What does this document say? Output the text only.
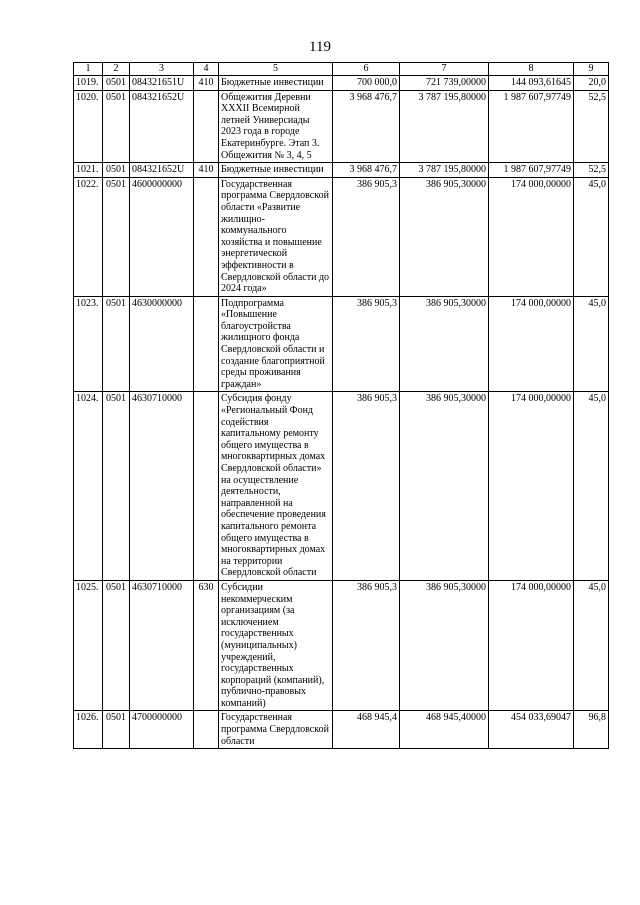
119
1	2	3	4	5	6	7	8	9
1019.	0501	084321651U	410	Бюджетные инвестиции	700 000,0	721 739,00000	144 093,61645	20,0
1020.	0501	084321652U		Общежития Деревни XXXII Всемирной летней Универсиады 2023 года в городе Екатеринбурге. Этап 3. Общежития № 3, 4, 5	3 968 476,7	3 787 195,80000	1 987 607,97749	52,5
1021.	0501	084321652U	410	Бюджетные инвестиции	3 968 476,7	3 787 195,80000	1 987 607,97749	52,5
1022.	0501	4600000000		Государственная программа Свердловской области «Развитие жилищно-коммунального хозяйства и повышение энергетической эффективности в Свердловской области до 2024 года»	386 905,3	386 905,30000	174 000,00000	45,0
1023.	0501	4630000000		Подпрограмма «Повышение благоустройства жилищного фонда Свердловской области и создание благоприятной среды проживания граждан»	386 905,3	386 905,30000	174 000,00000	45,0
1024.	0501	4630710000		Субсидия фонду «Региональный Фонд содействия капитальному ремонту общего имущества в многоквартирных домах Свердловской области» на осуществление деятельности, направленной на обеспечение проведения капитального ремонта общего имущества в многоквартирных домах на территории Свердловской области	386 905,3	386 905,30000	174 000,00000	45,0
1025.	0501	4630710000	630	Субсидии некоммерческим организациям (за исключением государственных (муниципальных) учреждений, государственных корпораций (компаний), публично-правовых компаний)	386 905,3	386 905,30000	174 000,00000	45,0
1026.	0501	4700000000		Государственная программа Свердловской области	468 945,4	468 945,40000	454 033,69047	96,8
